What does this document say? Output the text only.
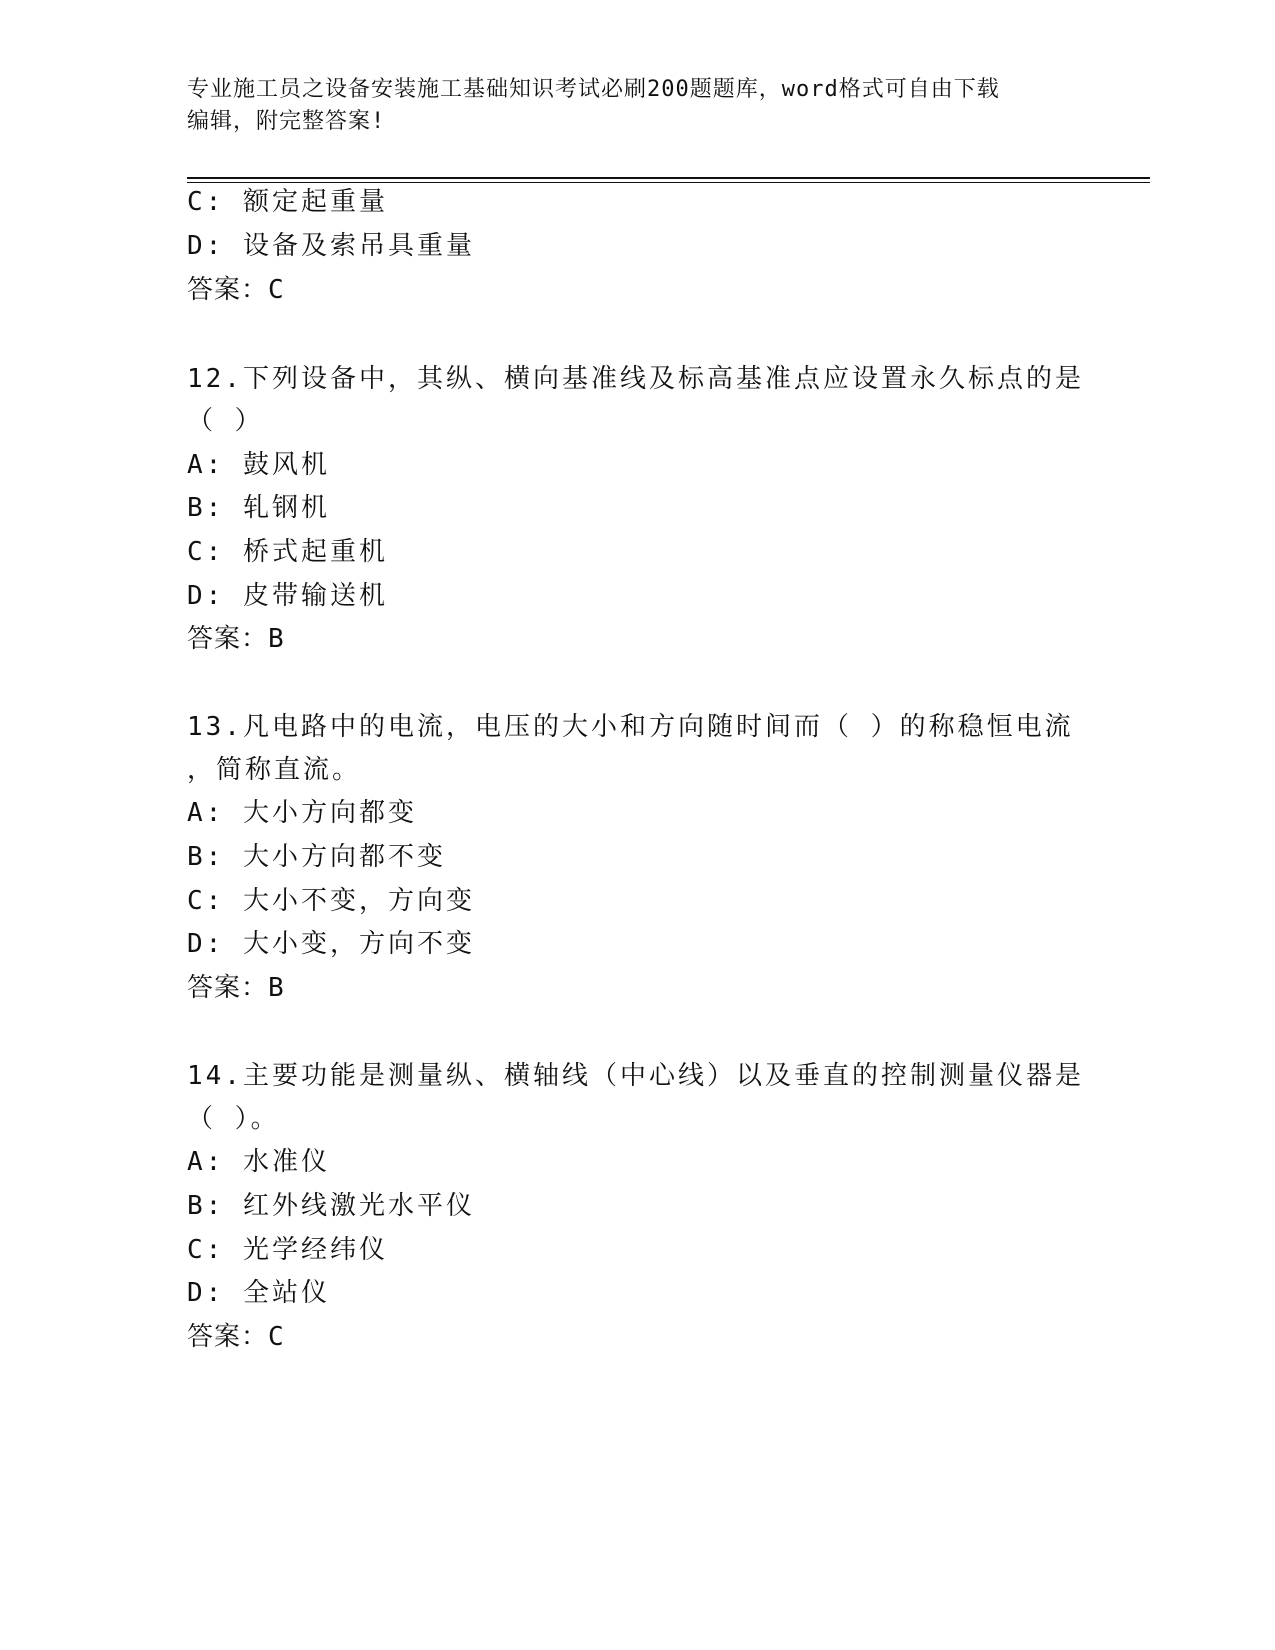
专业施工员之设备安装施工基础知识考试必刷200题题库，word格式可自由下载
编辑，附完整答案!

C: 额定起重量

D: 设备及索吊具重量

答案：C

12.下列设备中，其纵、横向基准线及标高基准点应设置永久标点的是

（ ）

A: 鼓风机

B: 轧钢机

C: 桥式起重机

D: 皮带输送机

答案：B

13.凡电路中的电流，电压的大小和方向随时间而（ ）的称稳恒电流

，简称直流。

A: 大小方向都变

B: 大小方向都不变

C: 大小不变，方向变

D: 大小变，方向不变

答案：B

14.主要功能是测量纵、横轴线（中心线）以及垂直的控制测量仪器是

（ ）。

A: 水准仪

B: 红外线激光水平仪

C: 光学经纬仪

D: 全站仪

答案：C
